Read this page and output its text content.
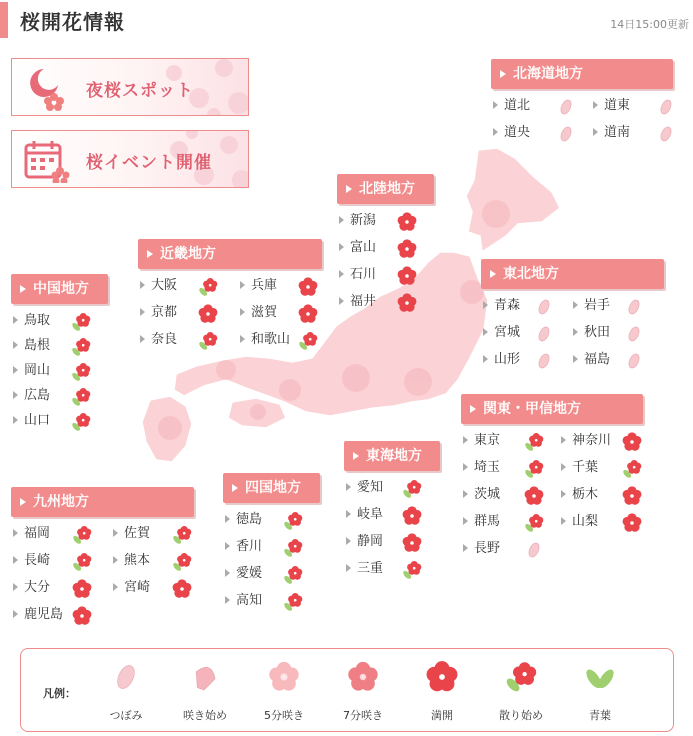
桜開花情報	14日15:00更新
夜桜スポット
桜イベント開催
北海道地方
道北	道東
道央	道南
東北地方
青森	岩手
宮城	秋田
山形	福島
北陸地方
新潟
富山
石川
福井
近畿地方
大阪	兵庫
京都	滋賀
奈良	和歌山
中国地方
鳥取
島根
岡山
広島
山口
関東・甲信地方
東京	神奈川
埼玉	千葉
茨城	栃木
群馬	山梨
長野
東海地方
愛知
岐阜
静岡
三重
四国地方
徳島
香川
愛媛
高知
九州地方
福岡	佐賀
長崎	熊本
大分	宮崎
鹿児島
凡例：
つぼみ	咲き始め	5分咲き	7分咲き	満開	散り始め	青葉
